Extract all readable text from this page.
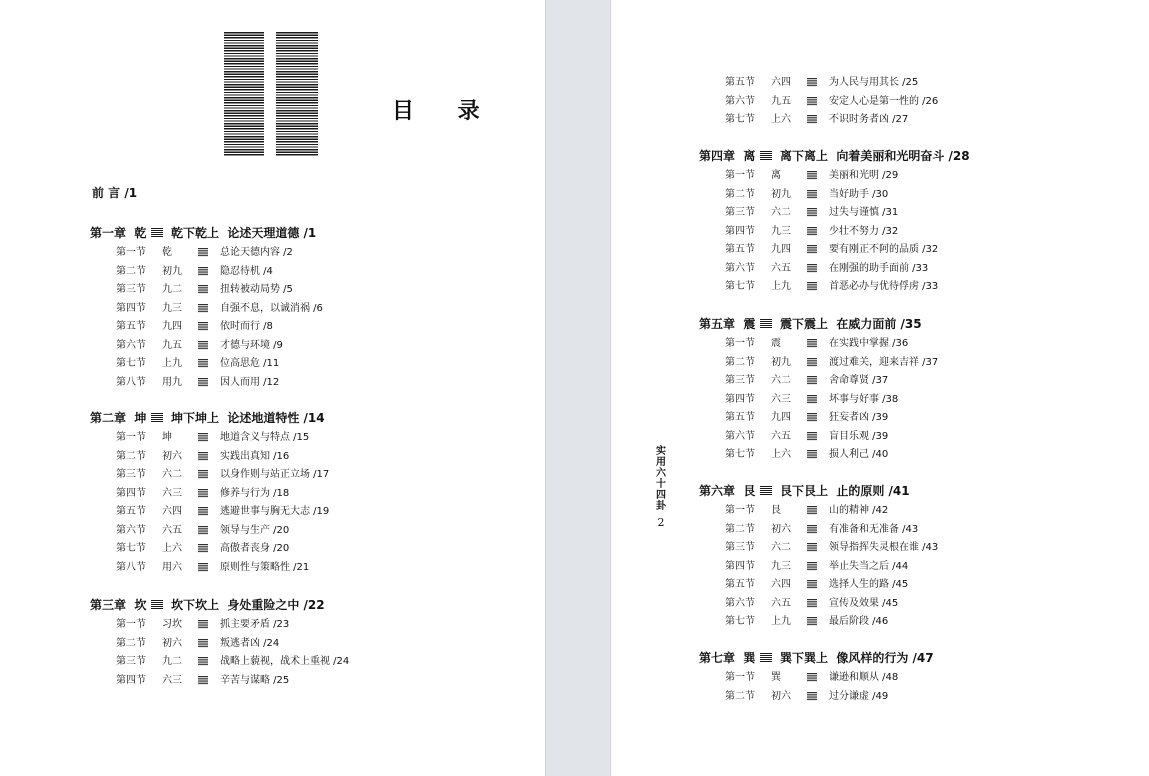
目 录
前 言 /1
第一章 乾 乾下乾上 论述天理道德 /1
第一节 乾	总论天德内容 /2
第二节 初九	隐忍待机 /4
第三节 九二	扭转被动局势 /5
第四节 九三	自强不息，以诚消祸 /6
第五节 九四	依时而行 /8
第六节 九五	才德与环境 /9
第七节 上九	位高思危 /11
第八节 用九	因人而用 /12
第二章 坤 坤下坤上 论述地道特性 /14
第一节 坤	地道含义与特点 /15
第二节 初六	实践出真知 /16
第三节 六二	以身作则与站正立场 /17
第四节 六三	修养与行为 /18
第五节 六四	逃避世事与胸无大志 /19
第六节 六五	领导与生产 /20
第七节 上六	高傲者丧身 /20
第八节 用六	原则性与策略性 /21
第三章 坎 坎下坎上 身处重险之中 /22
第一节 习坎	抓主要矛盾 /23
第二节 初六	叛逃者凶 /24
第三节 九二	战略上藐视，战术上重视 /24
第四节 六三	辛苦与谋略 /25
第五节 六四	为人民与用其长 /25
第六节 九五	安定人心是第一性的 /26
第七节 上六	不识时务者凶 /27
第四章 离 离下离上 向着美丽和光明奋斗 /28
第一节 离	美丽和光明 /29
第二节 初九	当好助手 /30
第三节 六二	过失与谨慎 /31
第四节 九三	少壮不努力 /32
第五节 九四	要有刚正不阿的品质 /32
第六节 六五	在刚强的助手面前 /33
第七节 上九	首恶必办与优待俘虏 /33
第五章 震 震下震上 在威力面前 /35
第一节 震	在实践中掌握 /36
第二节 初九	渡过难关，迎来吉祥 /37
第三节 六二	舍命尊贤 /37
第四节 六三	坏事与好事 /38
第五节 九四	狂妄者凶 /39
第六节 六五	盲目乐观 /39
第七节 上六	损人利己 /40
第六章 艮 艮下艮上 止的原则 /41
第一节 艮	山的精神 /42
第二节 初六	有准备和无准备 /43
第三节 六二	领导指挥失灵根在谁 /43
第四节 九三	举止失当之后 /44
第五节 六四	选择人生的路 /45
第六节 六五	宣传及效果 /45
第七节 上九	最后阶段 /46
第七章 巽 巽下巽上 像风样的行为 /47
第一节 巽	谦逊和顺从 /48
第二节 初六	过分谦虚 /49
实
用
六
十
四
卦
2
